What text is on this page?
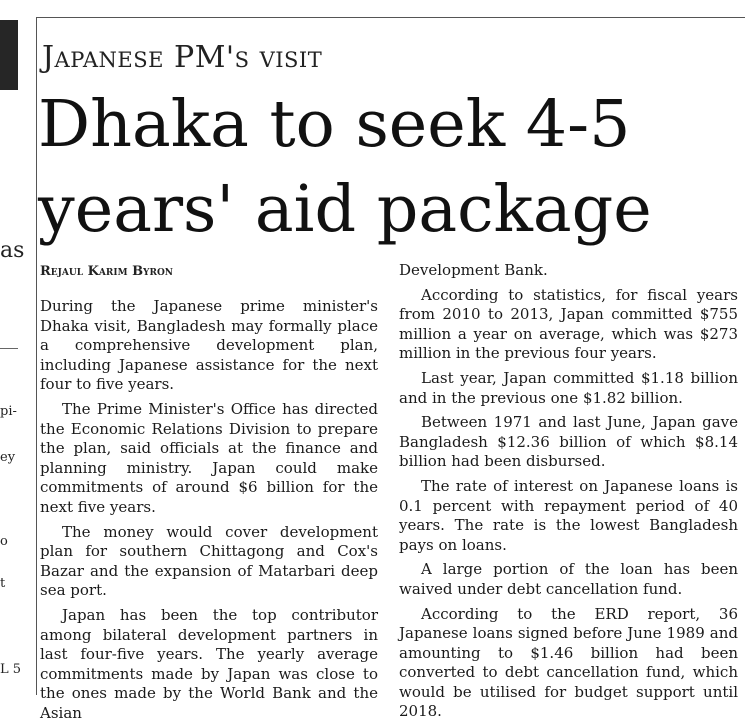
as
pi-
ey
o
t
L 5
Japanese PM's visit
Dhaka to seek 4-5 years' aid package
Rejaul Karim Byron

During the Japanese prime minister's Dhaka visit, Bangladesh may formally place a comprehensive development plan, including Japanese assistance for the next four to five years.

The Prime Minister's Office has directed the Economic Relations Division to prepare the plan, said officials at the finance and planning ministry. Japan could make commitments of around $6 billion for the next five years.

The money would cover development plan for southern Chittagong and Cox's Bazar and the expansion of Matarbari deep sea port.

Japan has been the top contributor among bilateral development partners in last four-five years. The yearly average commitments made by Japan was close to the ones made by the World Bank and the Asian

Development Bank.

According to statistics, for fiscal years from 2010 to 2013, Japan committed $755 million a year on average, which was $273 million in the previous four years.

Last year, Japan committed $1.18 billion and in the previous one $1.82 billion.

Between 1971 and last June, Japan gave Bangladesh $12.36 billion of which $8.14 billion had been disbursed.

The rate of interest on Japanese loans is 0.1 percent with repayment period of 40 years. The rate is the lowest Bangladesh pays on loans.

A large portion of the loan has been waived under debt cancellation fund.

According to the ERD report, 36 Japanese loans signed before June 1989 and amounting to $1.46 billion had been converted to debt cancellation fund, which would be utilised for budget support until 2018.
